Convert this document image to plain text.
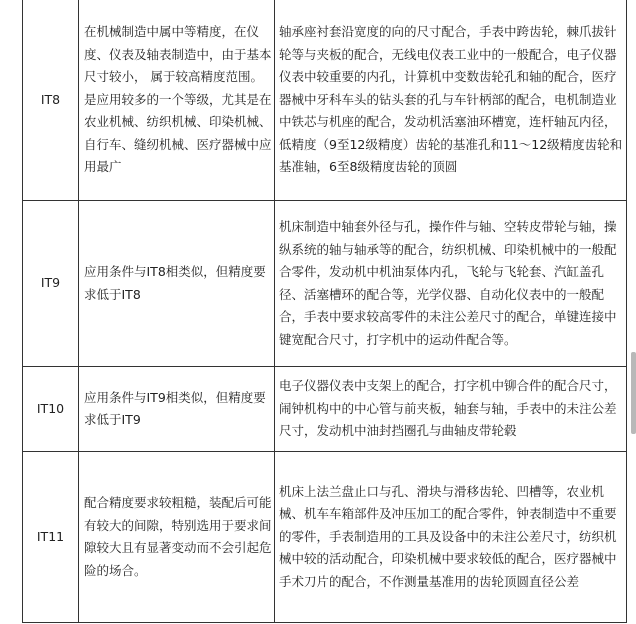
IT8	在机械制造中属中等精度，在仪度、仪表及轴表制造中，由于基本尺寸较小， 属于较高精度范围。是应用较多的一个等级，尤其是在农业机械、纺织机械、印染机械、自行车、缝纫机械、医疗器械中应用最广	轴承座衬套沿宽度的向的尺寸配合，手表中跨齿轮，棘爪拔针轮等与夹板的配合，无线电仪表工业中的一般配合，电子仪器仪表中较重要的内孔，计算机中变数齿轮孔和轴的配合，医疗器械中牙科车头的钻头套的孔与车针柄部的配合，电机制造业中铁芯与机座的配合，发动机活塞油环槽宽，连杆轴瓦内径，低精度（9至12级精度）齿轮的基准孔和11～12级精度齿轮和基准轴，6至8级精度齿轮的顶圆
IT9	应用条件与IT8相类似，但精度要求低于IT8	机床制造中轴套外径与孔，操作件与轴、空转皮带轮与轴，操纵系统的轴与轴承等的配合，纺织机械、印染机械中的一般配合零件，发动机中机油泵体内孔，飞轮与飞轮套、汽缸盖孔径、活塞槽环的配合等，光学仪器、自动化仪表中的一般配合，手表中要求较高零件的未注公差尺寸的配合，单键连接中键宽配合尺寸，打字机中的运动件配合等。
IT10	应用条件与IT9相类似，但精度要求低于IT9	电子仪器仪表中支架上的配合，打字机中铆合件的配合尺寸，闹钟机构中的中心管与前夹板，轴套与轴，手表中的未注公差尺寸，发动机中油封挡圈孔与曲轴皮带轮毂
IT11	配合精度要求较粗糙，装配后可能有较大的间隙，特别选用于要求间隙较大且有显著变动而不会引起危险的场合。	机床上法兰盘止口与孔、滑块与滑移齿轮、凹槽等，农业机械、机车车箱部件及冲压加工的配合零件，钟表制造中不重要的零件，手表制造用的工具及设备中的未注公差尺寸，纺织机械中较的活动配合，印染机械中要求较低的配合，医疗器械中手术刀片的配合，不作测量基准用的齿轮顶圆直径公差
